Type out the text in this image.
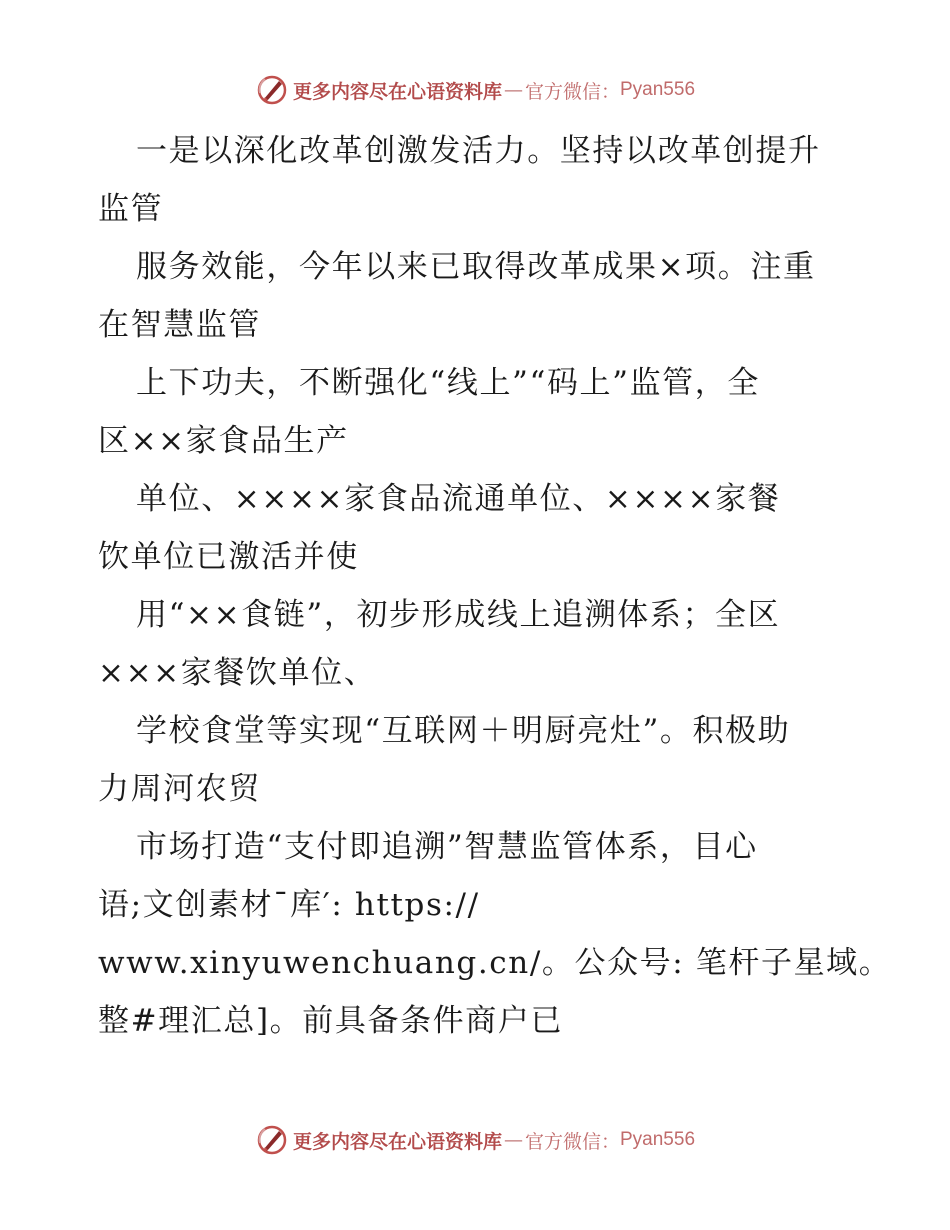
更多内容尽在心语资料库 — 官方微信： Pyan556
一是以深化改革创激发活力。坚持以改革创提升
监管
服务效能，今年以来已取得改革成果×项。注重
在智慧监管
上下功夫，不断强化“线上”“码上”监管，全
区××家食品生产
单位、××××家食品流通单位、××××家餐
饮单位已激活并使
用“××食链”，初步形成线上追溯体系；全区
×××家餐饮单位、
学校食堂等实现“互联网＋明厨亮灶”。积极助
力周河农贸
市场打造“支付即追溯”智慧监管体系，目心
语;文创素材¯库′: https://
www.xinyuwenchuang.cn/。公众号: 笔杆子星域。
整#理汇总]。前具备条件商户已
更多内容尽在心语资料库 — 官方微信： Pyan556
